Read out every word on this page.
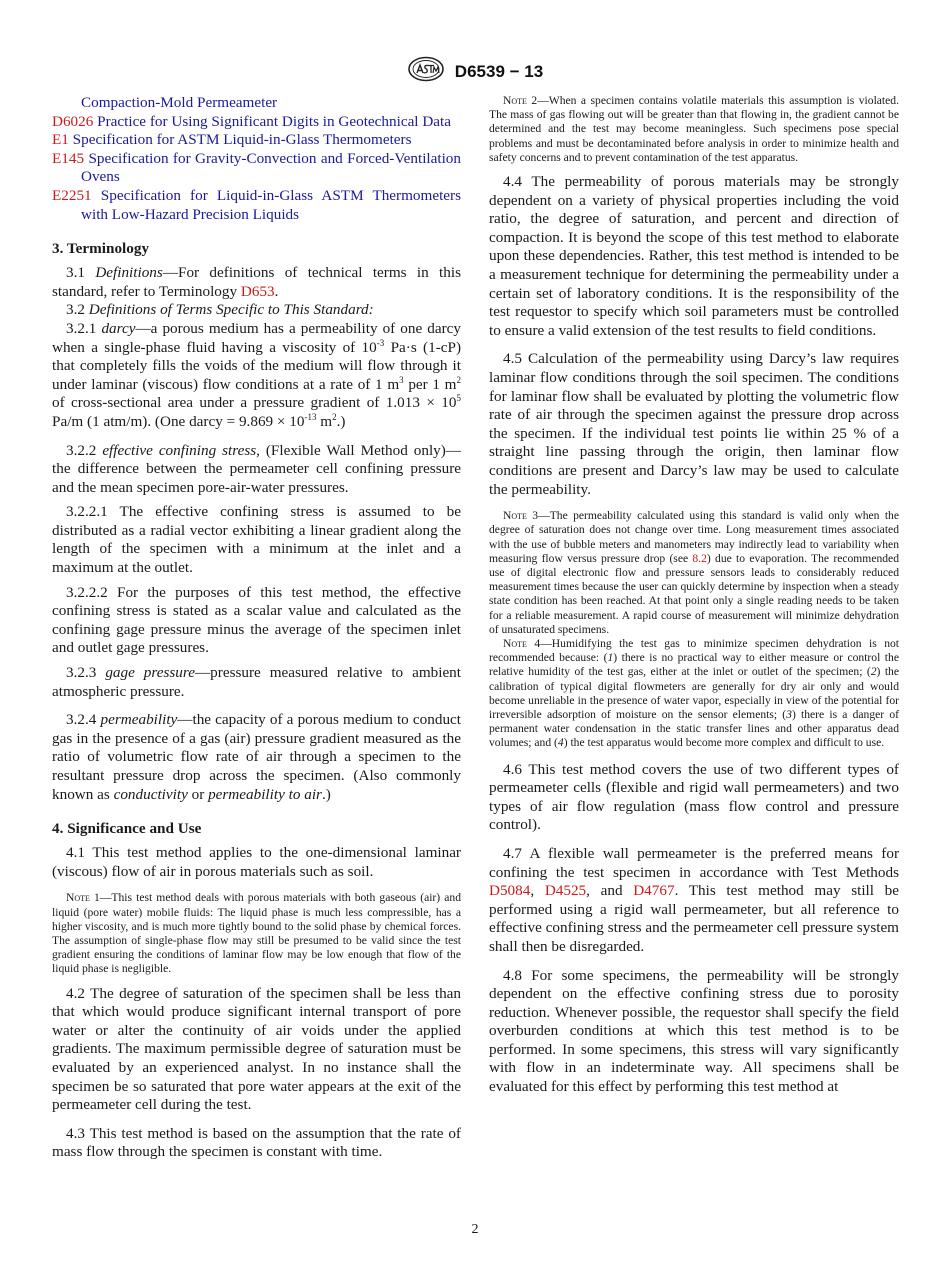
D6539 − 13

Compaction-Mold Permeameter

D6026 Practice for Using Significant Digits in Geotechnical Data

E1 Specification for ASTM Liquid-in-Glass Thermometers

E145 Specification for Gravity-Convection and Forced-Ventilation Ovens

E2251 Specification for Liquid-in-Glass ASTM Thermometers with Low-Hazard Precision Liquids

3. Terminology

3.1 Definitions—For definitions of technical terms in this standard, refer to Terminology D653.

3.2 Definitions of Terms Specific to This Standard:

3.2.1 darcy—a porous medium has a permeability of one darcy when a single-phase fluid having a viscosity of $10^{-3}$ Pa·s (1-cP) that completely fills the voids of the medium will flow through it under laminar (viscous) flow conditions at a rate of 1 $m^3$ per 1 $m^2$ of cross-sectional area under a pressure gradient of $1.013 \times 10^5$ Pa/m (1 atm/m). (One darcy = $9.869 \times 10^{-13}$ $m^2$.)

3.2.2 effective confining stress, (Flexible Wall Method only)—the difference between the permeameter cell confining pressure and the mean specimen pore-air-water pressures.

3.2.2.1 The effective confining stress is assumed to be distributed as a radial vector exhibiting a linear gradient along the length of the specimen with a minimum at the inlet and a maximum at the outlet.

3.2.2.2 For the purposes of this test method, the effective confining stress is stated as a scalar value and calculated as the confining gage pressure minus the average of the specimen inlet and outlet gage pressures.

3.2.3 gage pressure—pressure measured relative to ambient atmospheric pressure.

3.2.4 permeability—the capacity of a porous medium to conduct gas in the presence of a gas (air) pressure gradient measured as the ratio of volumetric flow rate of air through a specimen to the resultant pressure drop across the specimen. (Also commonly known as conductivity or permeability to air.)

4. Significance and Use

4.1 This test method applies to the one-dimensional laminar (viscous) flow of air in porous materials such as soil.

Note 1—This test method deals with porous materials with both gaseous (air) and liquid (pore water) mobile fluids: The liquid phase is much less compressible, has a higher viscosity, and is much more tightly bound to the solid phase by chemical forces. The assumption of single-phase flow may still be presumed to be valid since the test gradient ensuring the conditions of laminar flow may be low enough that flow of the liquid phase is negligible.

4.2 The degree of saturation of the specimen shall be less than that which would produce significant internal transport of pore water or alter the continuity of air voids under the applied gradients. The maximum permissible degree of saturation must be evaluated by an experienced analyst. In no instance shall the specimen be so saturated that pore water appears at the exit of the permeameter cell during the test.

4.3 This test method is based on the assumption that the rate of mass flow through the specimen is constant with time.

Note 2—When a specimen contains volatile materials this assumption is violated. The mass of gas flowing out will be greater than that flowing in, the gradient cannot be determined and the test may become meaningless. Such specimens pose special problems and must be decontaminated before analysis in order to minimize health and safety concerns and to prevent contamination of the test apparatus.

4.4 The permeability of porous materials may be strongly dependent on a variety of physical properties including the void ratio, the degree of saturation, and percent and direction of compaction. It is beyond the scope of this test method to elaborate upon these dependencies. Rather, this test method is intended to be a measurement technique for determining the permeability under a certain set of laboratory conditions. It is the responsibility of the test requestor to specify which soil parameters must be controlled to ensure a valid extension of the test results to field conditions.

4.5 Calculation of the permeability using Darcy’s law requires laminar flow conditions through the soil specimen. The conditions for laminar flow shall be evaluated by plotting the volumetric flow rate of air through the specimen against the pressure drop across the specimen. If the individual test points lie within 25 % of a straight line passing through the origin, then laminar flow conditions are present and Darcy’s law may be used to calculate the permeability.

Note 3—The permeability calculated using this standard is valid only when the degree of saturation does not change over time. Long measurement times associated with the use of bubble meters and manometers may indirectly lead to variability when measuring flow versus pressure drop (see 8.2) due to evaporation. The recommended use of digital electronic flow and pressure sensors leads to considerably reduced measurement times because the user can quickly determine by inspection when a steady state condition has been reached. At that point only a single reading needs to be taken for a reliable measurement. A rapid course of measurement will minimize dehydration of unsaturated specimens.

Note 4—Humidifying the test gas to minimize specimen dehydration is not recommended because: (1) there is no practical way to either measure or control the relative humidity of the test gas, either at the inlet or outlet of the specimen; (2) the calibration of typical digital flowmeters are generally for dry air only and would become unreliable in the presence of water vapor, especially in view of the potential for irreversible adsorption of moisture on the sensor elements; (3) there is a danger of permanent water condensation in the static transfer lines and other apparatus dead volumes; and (4) the test apparatus would become more complex and difficult to use.

4.6 This test method covers the use of two different types of permeameter cells (flexible and rigid wall permeameters) and two types of air flow regulation (mass flow control and pressure control).

4.7 A flexible wall permeameter is the preferred means for confining the test specimen in accordance with Test Methods D5084, D4525, and D4767. This test method may still be performed using a rigid wall permeameter, but all reference to effective confining stress and the permeameter cell pressure system shall then be disregarded.

4.8 For some specimens, the permeability will be strongly dependent on the effective confining stress due to porosity reduction. Whenever possible, the requestor shall specify the field overburden conditions at which this test method is to be performed. In some specimens, this stress will vary significantly with flow in an indeterminate way. All specimens shall be evaluated for this effect by performing this test method at

2
